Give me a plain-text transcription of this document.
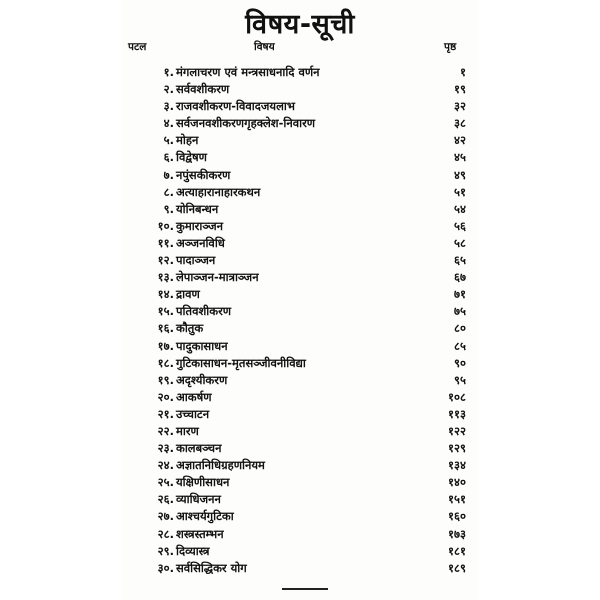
विषय-सूची
पटल	विषय	पृष्ठ
१. मंगलाचरण एवं मन्त्रसाधनादि वर्णन	१
२. सर्ववशीकरण	१९
३. राजवशीकरण-विवादजयलाभ	३२
४. सर्वजनवशीकरणगृहक्लेश-निवारण	३८
५. मोहन	४२
६. विद्वेषण	४५
७. नपुंसकीकरण	४९
८. अत्याहारानाहारकथन	५१
९. योनिबन्धन	५४
१०. कुमाराञ्जन	५६
११. अञ्जनविधि	५८
१२. पादाञ्जन	६५
१३. लेपाञ्जन-मात्राञ्जन	६७
१४. द्रावण	७१
१५. पतिवशीकरण	७५
१६. कौतुक	८०
१७. पादुकासाधन	८५
१८. गुटिकासाधन-मृतसञ्जीवनीविद्या	९०
१९. अदृश्यीकरण	९५
२०. आकर्षण	१०८
२१. उच्चाटन	११३
२२. मारण	१२२
२३. कालबञ्चन	१२९
२४. अज्ञातनिधिग्रहणनियम	१३४
२५. यक्षिणीसाधन	१४०
२६. व्याधिजनन	१५१
२७. आश्चर्यगुटिका	१६०
२८. शस्त्रस्तम्भन	१७३
२९. दिव्यास्त्र	१८१
३०. सर्वसिद्धिकर योग	१८९
